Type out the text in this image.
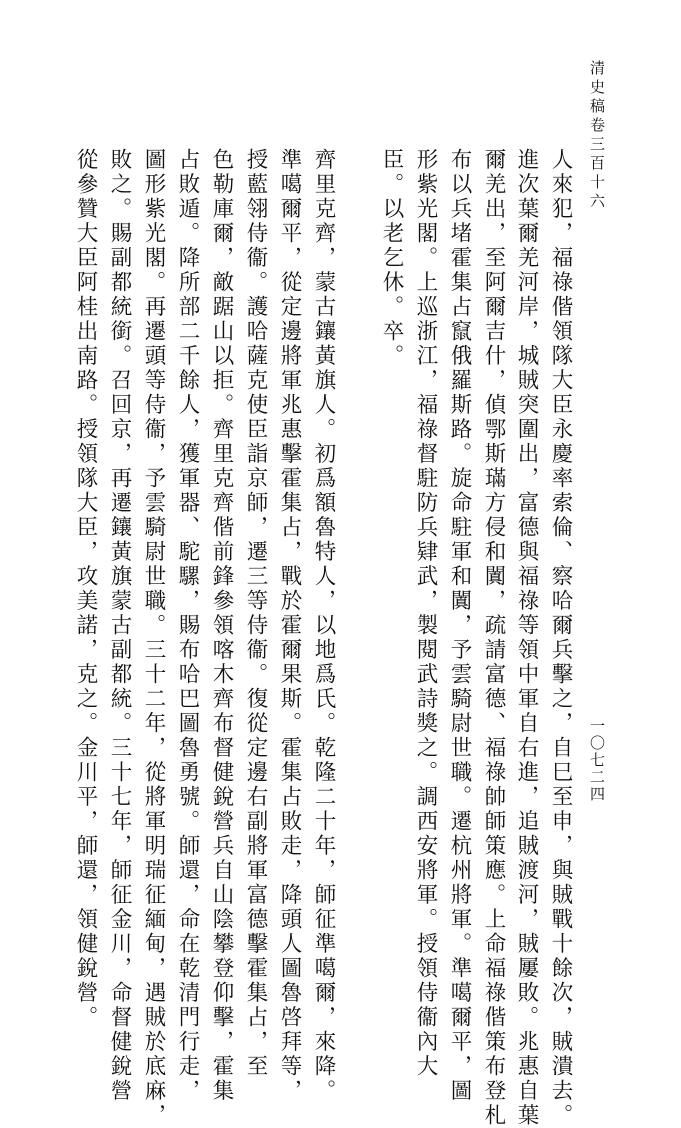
清史稿卷三百十六
一〇七二四
人來犯，福祿偕領隊大臣永慶率索倫、察哈爾兵擊之，自巳至申，與賊戰十餘次，賊潰去。
進次葉爾羌河岸，城賊突圍出，富德與福祿等領中軍自右進，追賊渡河，賊屢敗。兆惠自葉
爾羌出，至阿爾吉什，偵鄂斯璊方侵和闐，疏請富德、福祿帥師策應。上命福祿偕策布登札
布以兵堵霍集占竄俄羅斯路。旋命駐軍和闐，予雲騎尉世職。遷杭州將軍。準噶爾平，圖
形紫光閣。上巡浙江，福祿督駐防兵肄武，製閱武詩獎之。調西安將軍。授領侍衞內大
臣。以老乞休。卒。
齊里克齊，蒙古鑲黃旗人。初爲額魯特人，以地爲氏。乾隆二十年，師征準噶爾，來降。
準噶爾平，從定邊將軍兆惠擊霍集占，戰於霍爾果斯。霍集占敗走，降頭人圖魯啓拜等，
授藍翎侍衞。護哈薩克使臣詣京師，遷三等侍衞。復從定邊右副將軍富德擊霍集占，至
色勒庫爾，敵踞山以拒。齊里克齊偕前鋒參領喀木齊布督健銳營兵自山陰攀登仰擊，霍集
占敗遁。降所部二千餘人，獲軍器、駝騾，賜布哈巴圖魯勇號。師還，命在乾清門行走，
圖形紫光閣。再遷頭等侍衞，予雲騎尉世職。三十二年，從將軍明瑞征緬甸，遇賊於底麻，
敗之。賜副都統銜。召回京，再遷鑲黃旗蒙古副都統。三十七年，師征金川，命督健銳營
從參贊大臣阿桂出南路。授領隊大臣，攻美諾，克之。金川平，師還，領健銳營。
